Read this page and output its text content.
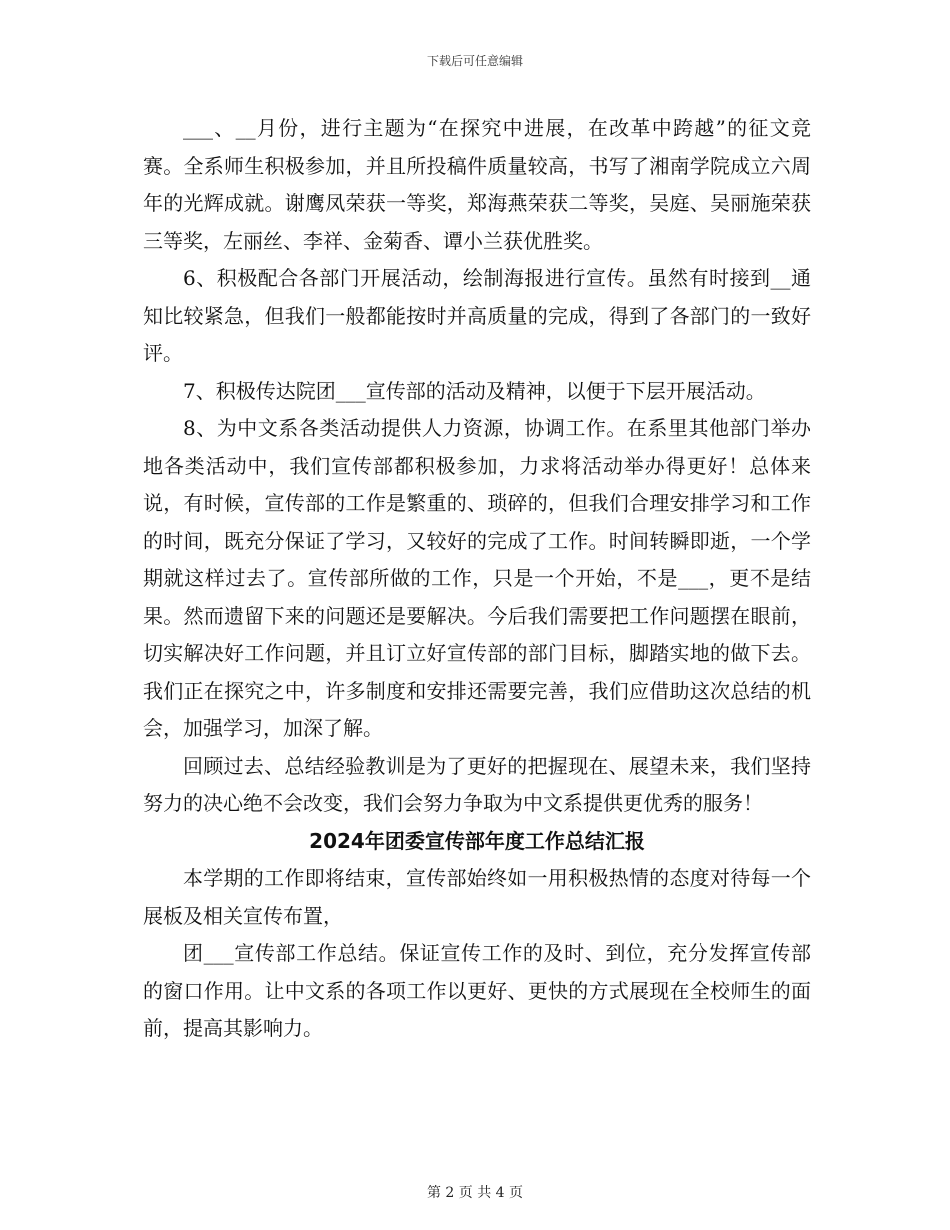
下载后可任意编辑

___、__月份，进行主题为“在探究中进展，在改革中跨越”的征文竞赛。全系师生积极参加，并且所投稿件质量较高，书写了湘南学院成立六周年的光辉成就。谢鹰凤荣获一等奖，郑海燕荣获二等奖，吴庭、吴丽施荣获三等奖，左丽丝、李祥、金菊香、谭小兰获优胜奖。

6、积极配合各部门开展活动，绘制海报进行宣传。虽然有时接到__通知比较紧急，但我们一般都能按时并高质量的完成，得到了各部门的一致好评。

7、积极传达院团___宣传部的活动及精神，以便于下层开展活动。

8、为中文系各类活动提供人力资源，协调工作。在系里其他部门举办地各类活动中，我们宣传部都积极参加，力求将活动举办得更好！总体来说，有时候，宣传部的工作是繁重的、琐碎的，但我们合理安排学习和工作的时间，既充分保证了学习，又较好的完成了工作。时间转瞬即逝，一个学期就这样过去了。宣传部所做的工作，只是一个开始，不是___，更不是结果。然而遗留下来的问题还是要解决。今后我们需要把工作问题摆在眼前，切实解决好工作问题，并且订立好宣传部的部门目标，脚踏实地的做下去。我们正在探究之中，许多制度和安排还需要完善，我们应借助这次总结的机会，加强学习，加深了解。

回顾过去、总结经验教训是为了更好的把握现在、展望未来，我们坚持努力的决心绝不会改变，我们会努力争取为中文系提供更优秀的服务！

2024年团委宣传部年度工作总结汇报

本学期的工作即将结束，宣传部始终如一用积极热情的态度对待每一个展板及相关宣传布置，

团___宣传部工作总结。保证宣传工作的及时、到位，充分发挥宣传部的窗口作用。让中文系的各项工作以更好、更快的方式展现在全校师生的面前，提高其影响力。

第 2 页 共 4 页
